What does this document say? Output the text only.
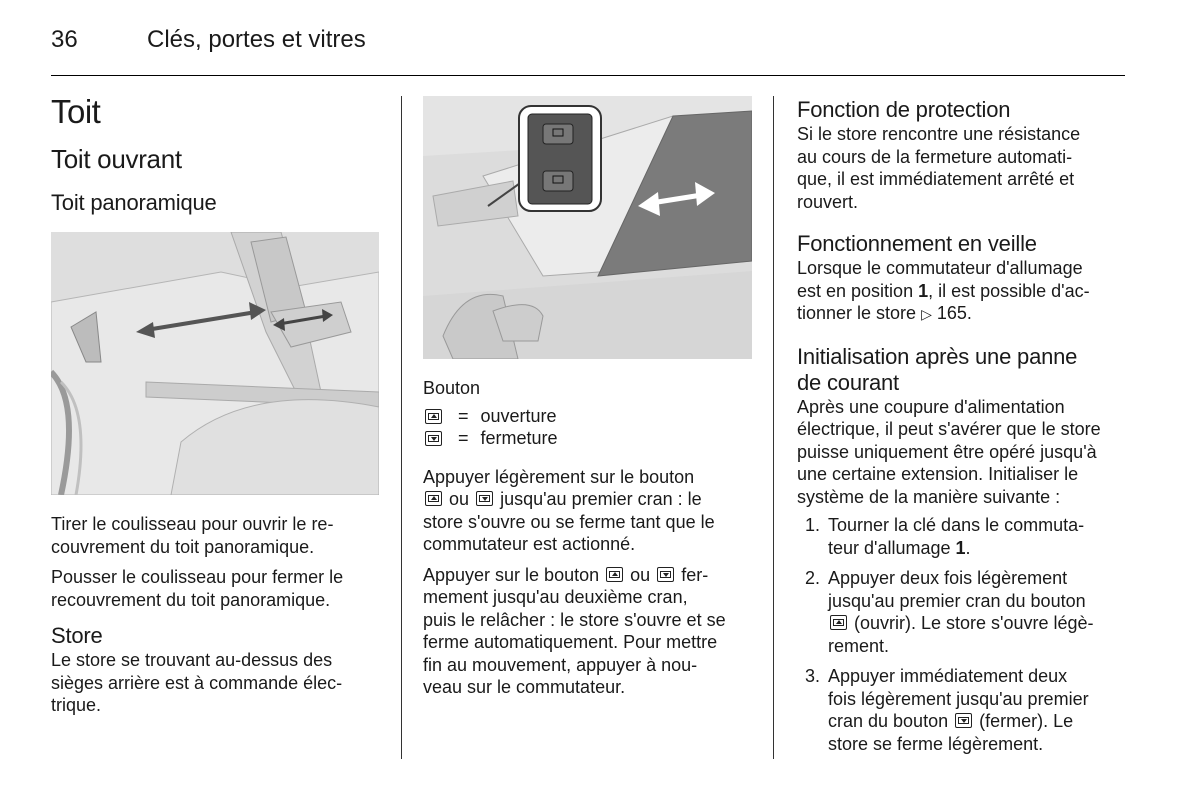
36	Clés, portes et vitres
Toit
Toit ouvrant
Toit panoramique

Tirer le coulisseau pour ouvrir le re-
couvrement du toit panoramique.

Pousser le coulisseau pour fermer le
recouvrement du toit panoramique.

Store

Le store se trouvant au-dessus des
sièges arrière est à commande élec-
trique.

Bouton

= ouverture
= fermeture

Appuyer légèrement sur le bouton

ou jusqu'au premier cran : le
store s'ouvre ou se ferme tant que le
commutateur est actionné.

Appuyer sur le bouton ou fer-
mement jusqu'au deuxième cran,
puis le relâcher : le store s'ouvre et se
ferme automatiquement. Pour mettre
fin au mouvement, appuyer à nou-
veau sur le commutateur.

Fonction de protection

Si le store rencontre une résistance
au cours de la fermeture automati-
que, il est immédiatement arrêté et
rouvert.

Fonctionnement en veille

Lorsque le commutateur d'allumage
est en position 1, il est possible d'ac-
tionner le store ▷ 165.

Initialisation après une panne
de courant

Après une coupure d'alimentation
électrique, il peut s'avérer que le store
puisse uniquement être opéré jusqu'à
une certaine extension. Initialiser le
système de la manière suivante :

1. Tourner la clé dans le commuta-
teur d'allumage 1.
2. Appuyer deux fois légèrement
jusqu'au premier cran du bouton

(ouvrir). Le store s'ouvre légè-
rement.
3. Appuyer immédiatement deux
fois légèrement jusqu'au premier
cran du bouton (fermer). Le
store se ferme légèrement.
